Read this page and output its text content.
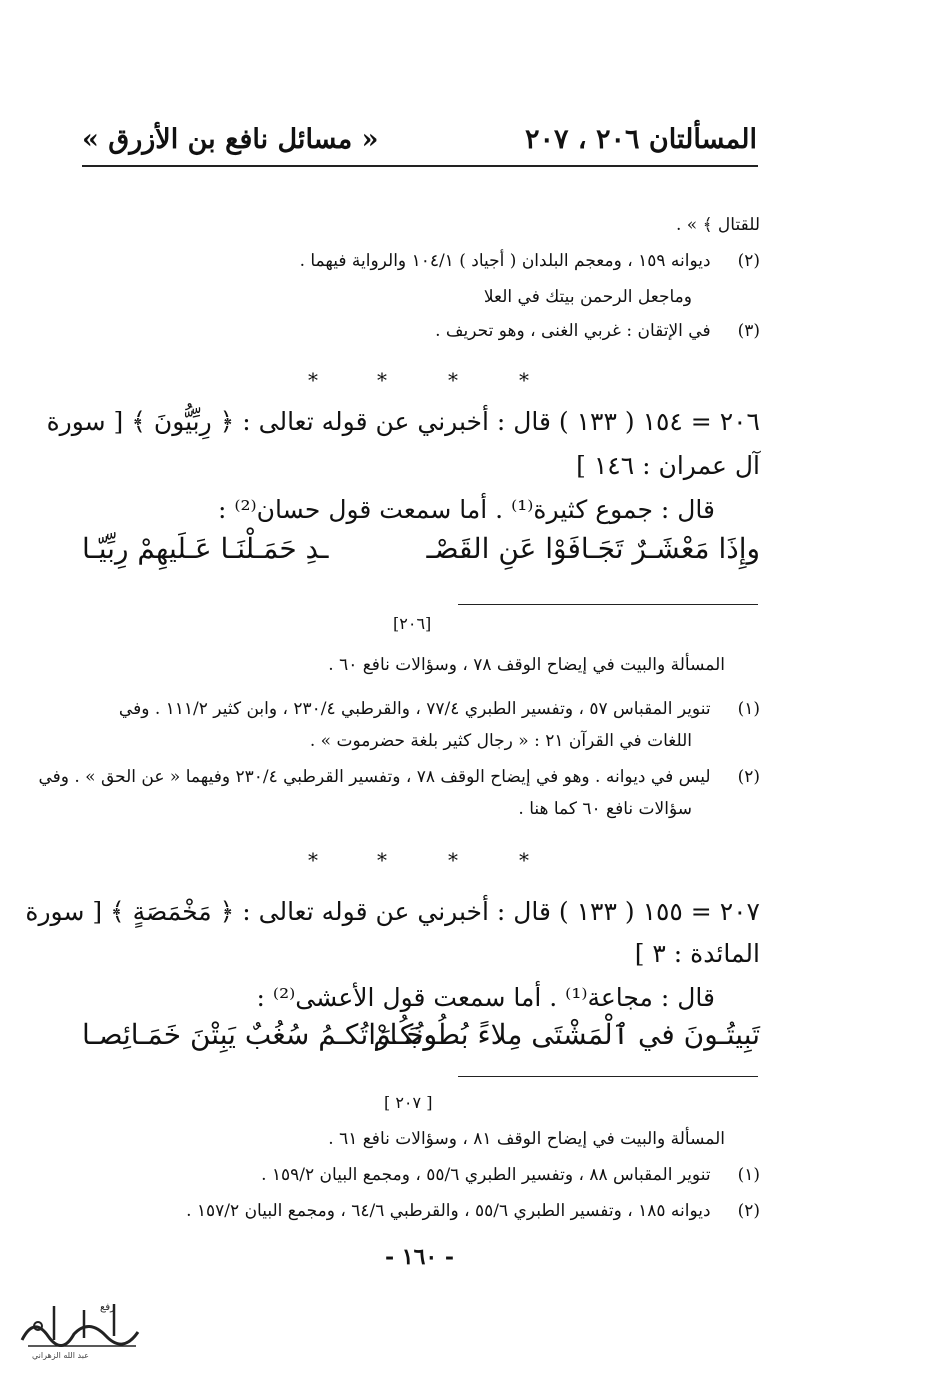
المسألتان ٢٠٦ ، ٢٠٧
« مسائل نافع بن الأزرق »
للقتال ﴾ » .
(٢) ديوانه ١٥٩ ، ومعجم البلدان ( أجياد ) ١٠٤/١ والرواية فيهما .
وماجعل الرحمن بيتك في العلا
(٣) في الإتقان : غربي الغنى ، وهو تحريف .
*	*	*	*
٢٠٦ = ١٥٤ ( ١٣٣ ) قال : أخبرني عن قوله تعالى : ﴿ رِبِّيُّونَ ﴾ [ سورة
آل عمران : ١٤٦ ]
قال : جموع كثيرة⁽¹⁾ . أما سمعت قول حسان⁽²⁾ :
وإِذَا مَعْشَـرٌ تَجَـافَوْا عَنِ القَصْـ
ـدِ حَمَـلْنَـا عَـلَيهِمْ رِبِّيّـا
[٢٠٦]
المسألة والبيت في إيضاح الوقف ٧٨ ، وسؤالات نافع ٦٠ .
(١) تنوير المقباس ٥٧ ، وتفسير الطبري ٧٧/٤ ، والقرطبي ٢٣٠/٤ ، وابن كثير ١١١/٢ . وفي
اللغات في القرآن ٢١ : « رجال كثير بلغة حضرموت » .
(٢) ليس في ديوانه . وهو في إيضاح الوقف ٧٨ ، وتفسير القرطبي ٢٣٠/٤ وفيهما « عن الحق » . وفي
سؤالات نافع ٦٠ كما هنا .
*	*	*	*
٢٠٧ = ١٥٥ ( ١٣٣ ) قال : أخبرني عن قوله تعالى : ﴿ مَخْمَصَةٍ ﴾ [ سورة
المائدة : ٣ ]
قال : مجاعة⁽¹⁾ . أما سمعت قول الأعشى⁽²⁾ :
تَبِيتُـونَ في ٱلْمَشْتَى مِلاءً بُطُونُكُـمْ
وجَـارَاتُكـمُ سُغُبٌ يَبِتْنَ خَمَـائِصـا
[ ٢٠٧ ]
المسألة والبيت في إيضاح الوقف ٨١ ، وسؤالات نافع ٦١ .
(١) تنوير المقباس ٨٨ ، وتفسير الطبري ٥٥/٦ ، ومجمع البيان ١٥٩/٢ .
(٢) ديوانه ١٨٥ ، وتفسير الطبري ٥٥/٦ ، والقرطبي ٦٤/٦ ، ومجمع البيان ١٥٧/٢ .
- ١٦٠ -
رفع
عبد الله الزهراني
